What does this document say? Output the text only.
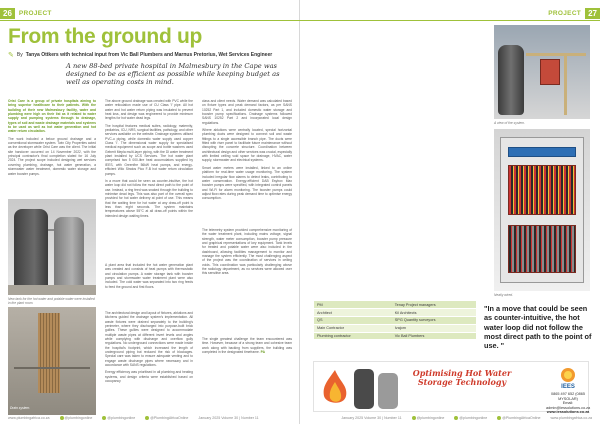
26	PROJECT
From the ground up
✎ By Tanya Ottkers with technical input from Vic Ball Plumbers and Marnus Pretorius, Wet Services Engineer
A new 88-bed private hospital in Malmesbury in the Cape was designed to be as efficient as possible while keeping budget as well as operating costs in mind.

Orist Care is a group of private hospitals aiming to bring superior healthcare to their patients. With the building of their new Malmesbury facility, water and plumbing were high on their list as it related to water supply and pumping systems through to drainage, types of soil and waste drainage materials and systems to be used as well as hot water generation and hot water return circulation.

The work included a below ground drainage and a conventional stormwater system. Twin City Properties acted as the developer while Orist Care was the client. The initial site handover occurred on 14 November 2022, with the principal contractor's final completion slated for 16 July 2024. The project scope included designing wet services covering plumbing, drainage, hot water generation, a stormwater water treatment, domestic water storage and water booster pumps.

New tank for the hot water and potable water were installed in the plant room.
Drain system.

The above ground drainage was created with PVC while the water reticulation made use of CU Class 'I' pipe. All hot water and hot water return piping was insulated to prevent heat loss, and design was engineered to provide minimum lengths for hot water dead legs.

The hospital features medical suites, radiology, maternity, pediatrics, ICU, NRS, surgical facilities, pathology, and other services available on the website. Drainage systems utilised PVC-u piping, while domestic water supply used copper Class 'I'. The dimensional water supply for specialised medical equipment such as scope and bottle washers used Geberit Mepla multi-layer piping, with the DI water treatment plant installed by UCS Services. The hot water plant comprised two 5 000-litre heat accumulators supplied by IEES, with Greenfire 56kW heat pumps, and energy-efficient Wilo Stratos Pico F-B hot water return circulation pumps.

In a move that could be seen as counter-intuitive, the hot water loop did not follow the most direct path to the point of use. Instead, a ring feed was snaked through the building to minimise dead legs. This was also part of the overall spec provided for hot water delivery at point of use. This means that the waiting time for hot water at any draw-off point is less than eight seconds. The system maintains temperatures above 55°C at all draw-off points within the intended design waiting times.

A plant area that included the hot water generation plant was created and consists of heat pumps with thermostatic and circulation pumps. A water storage tank with booster pumps and stormwater water treatment plant were also included. The cold water was separated into two ring feeds to feed the ground and first floors.

The architectural design and layout of fixtures, ablutions and kitchens guided the drainage system's implementation. All waste fixtures were drained separately to the building's perimeter, where they discharged into purpose-built brick gullies. These gullies were designed to accommodate multiple waste pipes at different invert levels and angles while complying with discharge and overflow gully regulations. No underground connections were made inside the hospital's footprint, which increased the length of underground piping but reduced the risk of blockages. Special care was taken to ensure adequate venting and to engage waste discharge pipes where necessary and in accordance with SANS regulations.

Energy efficiency was prioritised in all plumbing and heating systems, and design criteria were established based on occupancy

class and client needs. Water demand was calculated based on fixture types and peak demand factors, as per SANS 10252 Part 1, and included domestic water storage and booster pump specifications. Drainage systems followed SANS 10252 Part 2 and incorporated local design regulations.

Where ablutions were centrally located, special horizontal plumbing ducts were designed to connect soil and waste fittings to a single accessible branch pipe. The ducts were fitted with riser panel to facilitate future maintenance without disrupting the concrete structure. Coordination between architectural design and other services was crucial, especially with limited ceiling void space for drainage, HVAC, water supply, stormwater and electrical systems.

Smart water meters were installed, linked to an online platform for real-time water usage monitoring. The system included irregular flow alarms to detect leaks, contributing to water conservation. Energy-efficient DAB Esybox Max booster pumps were specified, with integrated control panels and Wi-Fi for alarm monitoring. The booster pumps could adjust flow rates during peak demand time to optimise energy consumption.

The telemetry system provided comprehensive monitoring of the water treatment plant, including mains voltage, signal strength, water meter consumption, booster pump pressure and graphical representations of key equipment. Tank levels for treated and potable water were also included in the dashboard, allowing facilities management to monitor and manage the system efficiently. The most challenging aspect of the project was the coordination of services in ceiling voids. This coordination was particularly challenging above the radiology department, as no services were allowed over this sensitive area.

The single greatest challenge the team encountered was time. However, because of a strong team and cohesive team work along with backing from suppliers, the building was completed in the designated timeframe. PA

www.plumbingafrica.co.za	@plumbingonline	@plumbingonline	@PlumbingAfricaOnline	January 2025 Volume 30 | Number 11
PROJECT 27
A view of the system.
Neatly wired.
PM	Tenay Project managers
Architect	Kil Architects
QS	SPG Quantity surveyors
Main Contractor	Ivajom
Plumbing contractor	Vic Ball Plumbers
"In a move that could be seen as counter-intuitive, the hot water loop did not follow the most direct path to the point of use. "
Optimising Hot Water Storage Technology
IEES
0865 497 652 (0865 MYSOLAR)
Email: admin@iessolutions.co.za
www.iessolutions.co.za
January 2025 Volume 30 | Number 11	@plumbingonline	@plumbingonline	@PlumbingAfricaOnline	www.plumbingafrica.co.za
